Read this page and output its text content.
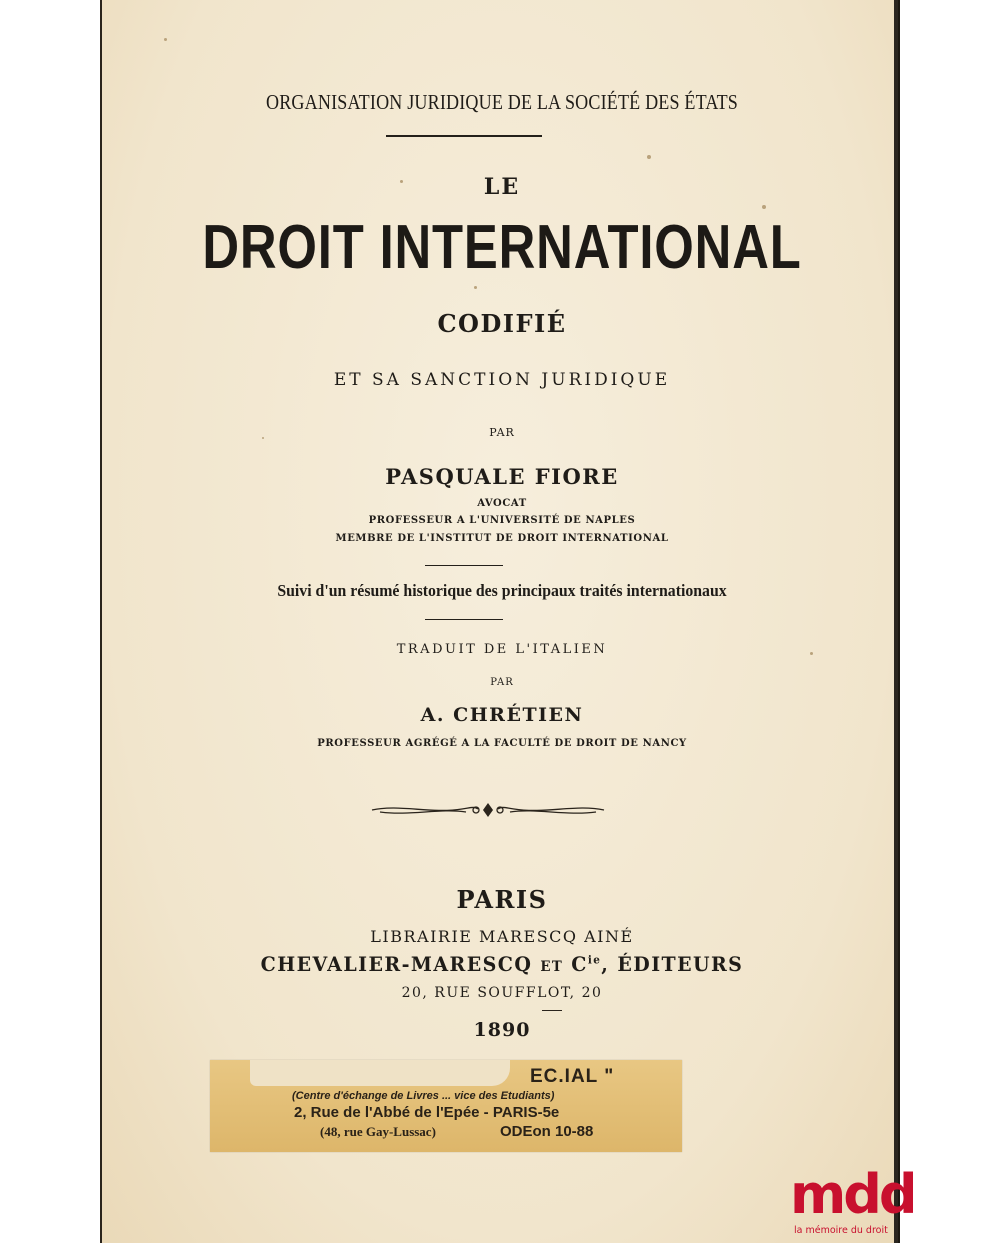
ORGANISATION JURIDIQUE DE LA SOCIÉTÉ DES ÉTATS
LE
DROIT INTERNATIONAL
CODIFIÉ
ET SA SANCTION JURIDIQUE
PAR
PASQUALE FIORE
AVOCAT
PROFESSEUR A L'UNIVERSITÉ DE NAPLES
MEMBRE DE L'INSTITUT DE DROIT INTERNATIONAL
Suivi d'un résumé historique des principaux traités internationaux
TRADUIT DE L'ITALIEN
PAR
A. CHRÉTIEN
PROFESSEUR AGRÉGÉ A LA FACULTÉ DE DROIT DE NANCY
PARIS
LIBRAIRIE MARESCQ AINÉ
CHEVALIER-MARESCQ ET $C^{ie}$, ÉDITEURS
20, RUE SOUFFLOT, 20
1890
EC.IAL "
(Centre d'échange de Livres ... vice des Etudiants)
2, Rue de l'Abbé de l'Epée - PARIS-5e
(48, rue Gay-Lussac)	ODEon 10-88
mdd
la mémoire du droit
